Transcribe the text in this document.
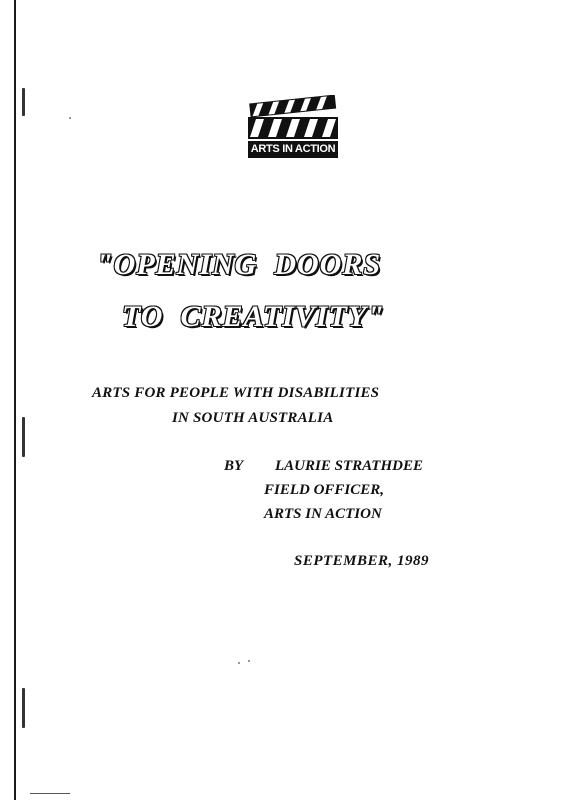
ARTS IN ACTION
"OPENING  DOORS
TO  CREATIVITY"
ARTS FOR PEOPLE WITH DISABILITIES
IN SOUTH AUSTRALIA
BY LAURIE STRATHDEE
FIELD OFFICER,
ARTS IN ACTION
SEPTEMBER, 1989
